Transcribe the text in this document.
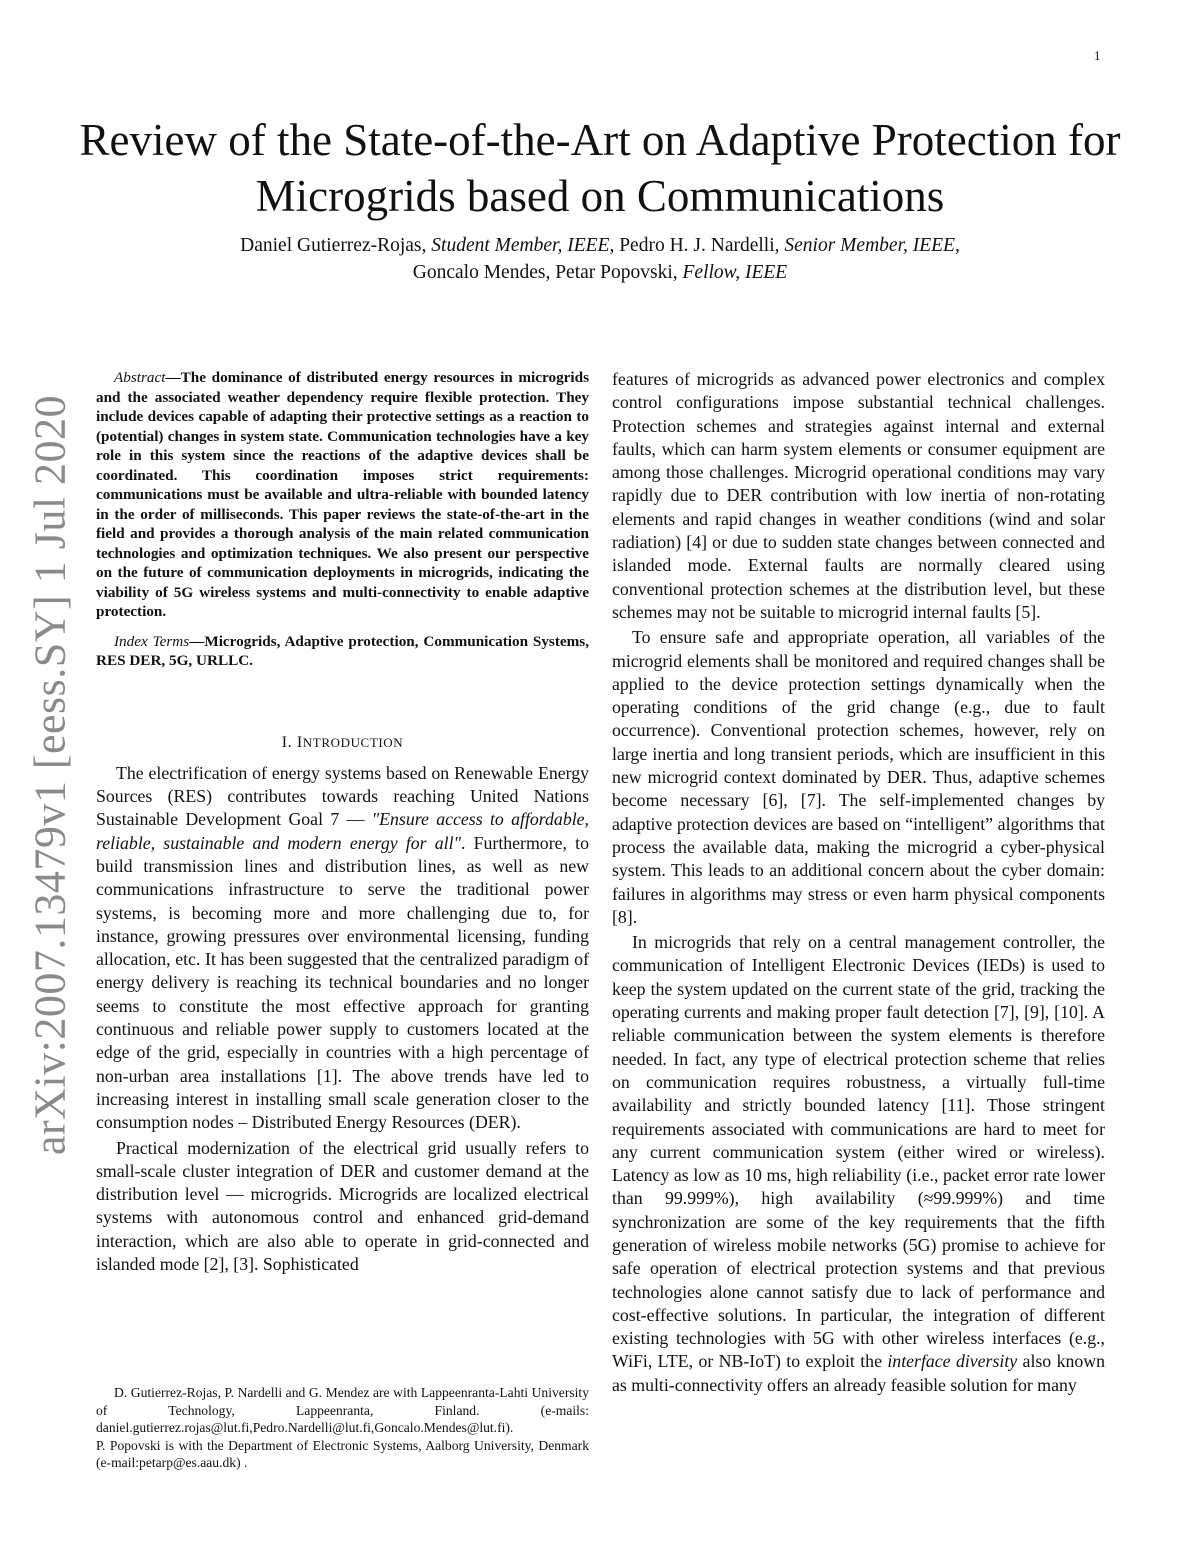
1
arXiv:2007.13479v1 [eess.SY] 1 Jul 2020
Review of the State-of-the-Art on Adaptive Protection for Microgrids based on Communications
Daniel Gutierrez-Rojas, Student Member, IEEE, Pedro H. J. Nardelli, Senior Member, IEEE,
Goncalo Mendes, Petar Popovski, Fellow, IEEE

Abstract—The dominance of distributed energy resources in microgrids and the associated weather dependency require flexible protection. They include devices capable of adapting their protective settings as a reaction to (potential) changes in system state. Communication technologies have a key role in this system since the reactions of the adaptive devices shall be coordinated. This coordination imposes strict requirements: communications must be available and ultra-reliable with bounded latency in the order of milliseconds. This paper reviews the state-of-the-art in the field and provides a thorough analysis of the main related communication technologies and optimization techniques. We also present our perspective on the future of communication deployments in microgrids, indicating the viability of 5G wireless systems and multi-connectivity to enable adaptive protection.

Index Terms—Microgrids, Adaptive protection, Communication Systems, RES DER, 5G, URLLC.

I. INTRODUCTION

The electrification of energy systems based on Renewable Energy Sources (RES) contributes towards reaching United Nations Sustainable Development Goal 7 — "Ensure access to affordable, reliable, sustainable and modern energy for all". Furthermore, to build transmission lines and distribution lines, as well as new communications infrastructure to serve the traditional power systems, is becoming more and more challenging due to, for instance, growing pressures over environmental licensing, funding allocation, etc. It has been suggested that the centralized paradigm of energy delivery is reaching its technical boundaries and no longer seems to constitute the most effective approach for granting continuous and reliable power supply to customers located at the edge of the grid, especially in countries with a high percentage of non-urban area installations [1]. The above trends have led to increasing interest in installing small scale generation closer to the consumption nodes – Distributed Energy Resources (DER).

Practical modernization of the electrical grid usually refers to small-scale cluster integration of DER and customer demand at the distribution level — microgrids. Microgrids are localized electrical systems with autonomous control and enhanced grid-demand interaction, which are also able to operate in grid-connected and islanded mode [2], [3]. Sophisticated

features of microgrids as advanced power electronics and complex control configurations impose substantial technical challenges. Protection schemes and strategies against internal and external faults, which can harm system elements or consumer equipment are among those challenges. Microgrid operational conditions may vary rapidly due to DER contribution with low inertia of non-rotating elements and rapid changes in weather conditions (wind and solar radiation) [4] or due to sudden state changes between connected and islanded mode. External faults are normally cleared using conventional protection schemes at the distribution level, but these schemes may not be suitable to microgrid internal faults [5].

To ensure safe and appropriate operation, all variables of the microgrid elements shall be monitored and required changes shall be applied to the device protection settings dynamically when the operating conditions of the grid change (e.g., due to fault occurrence). Conventional protection schemes, however, rely on large inertia and long transient periods, which are insufficient in this new microgrid context dominated by DER. Thus, adaptive schemes become necessary [6], [7]. The self-implemented changes by adaptive protection devices are based on “intelligent” algorithms that process the available data, making the microgrid a cyber-physical system. This leads to an additional concern about the cyber domain: failures in algorithms may stress or even harm physical components [8].

In microgrids that rely on a central management controller, the communication of Intelligent Electronic Devices (IEDs) is used to keep the system updated on the current state of the grid, tracking the operating currents and making proper fault detection [7], [9], [10]. A reliable communication between the system elements is therefore needed. In fact, any type of electrical protection scheme that relies on communication requires robustness, a virtually full-time availability and strictly bounded latency [11]. Those stringent requirements associated with communications are hard to meet for any current communication system (either wired or wireless). Latency as low as 10 ms, high reliability (i.e., packet error rate lower than 99.999%), high availability (≈99.999%) and time synchronization are some of the key requirements that the fifth generation of wireless mobile networks (5G) promise to achieve for safe operation of electrical protection systems and that previous technologies alone cannot satisfy due to lack of performance and cost-effective solutions. In particular, the integration of different existing technologies with 5G with other wireless interfaces (e.g., WiFi, LTE, or NB-IoT) to exploit the interface diversity also known as multi-connectivity offers an already feasible solution for many

D. Gutierrez-Rojas, P. Nardelli and G. Mendez are with Lappeenranta-Lahti University of Technology, Lappeenranta, Finland. (e-mails: daniel.gutierrez.rojas@lut.fi,Pedro.Nardelli@lut.fi,Goncalo.Mendes@lut.fi).

P. Popovski is with the Department of Electronic Systems, Aalborg University, Denmark (e-mail:petarp@es.aau.dk) .
